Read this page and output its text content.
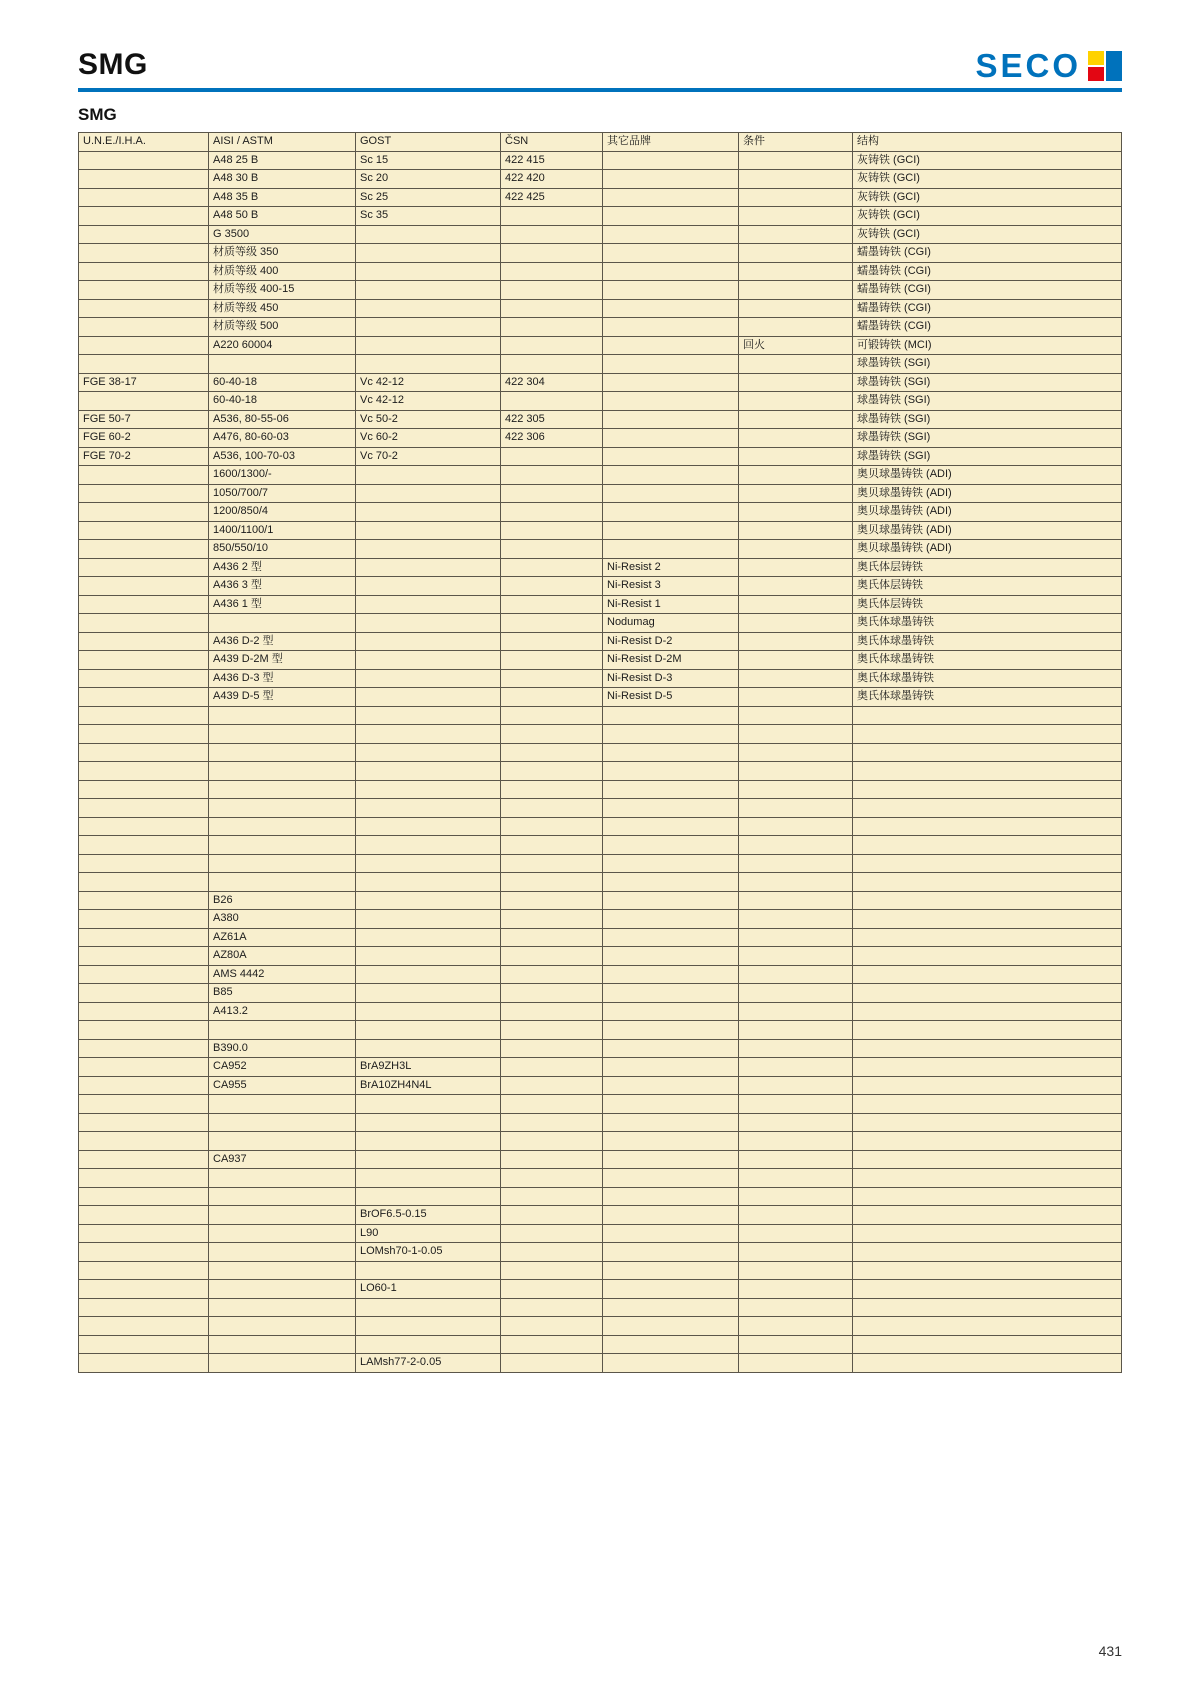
SMG	SECO
SMG
U.N.E./I.H.A.	AISI / ASTM	GOST	ČSN	其它品牌	条件	结构
	A48 25 B	Sc 15	422 415			灰铸铁 (GCI)
	A48 30 B	Sc 20	422 420			灰铸铁 (GCI)
	A48 35 B	Sc 25	422 425			灰铸铁 (GCI)
	A48 50 B	Sc 35				灰铸铁 (GCI)
	G 3500					灰铸铁 (GCI)
	材质等级 350					蠕墨铸铁 (CGI)
	材质等级 400					蠕墨铸铁 (CGI)
	材质等级 400-15					蠕墨铸铁 (CGI)
	材质等级 450					蠕墨铸铁 (CGI)
	材质等级 500					蠕墨铸铁 (CGI)
	A220 60004				回火	可锻铸铁 (MCI)
						球墨铸铁 (SGI)
FGE 38-17	60-40-18	Vc 42-12	422 304			球墨铸铁 (SGI)
	60-40-18	Vc 42-12				球墨铸铁 (SGI)
FGE 50-7	A536, 80-55-06	Vc 50-2	422 305			球墨铸铁 (SGI)
FGE 60-2	A476, 80-60-03	Vc 60-2	422 306			球墨铸铁 (SGI)
FGE 70-2	A536, 100-70-03	Vc 70-2				球墨铸铁 (SGI)
	1600/1300/-					奥贝球墨铸铁 (ADI)
	1050/700/7					奥贝球墨铸铁 (ADI)
	1200/850/4					奥贝球墨铸铁 (ADI)
	1400/1100/1					奥贝球墨铸铁 (ADI)
	850/550/10					奥贝球墨铸铁 (ADI)
	A436 2 型			Ni-Resist 2		奥氏体层铸铁
	A436 3 型			Ni-Resist 3		奥氏体层铸铁
	A436 1 型			Ni-Resist 1		奥氏体层铸铁
				Nodumag		奥氏体球墨铸铁
	A436 D-2 型			Ni-Resist D-2		奥氏体球墨铸铁
	A439 D-2M 型			Ni-Resist D-2M		奥氏体球墨铸铁
	A436 D-3 型			Ni-Resist D-3		奥氏体球墨铸铁
	A439 D-5 型			Ni-Resist D-5		奥氏体球墨铸铁

	B26					
	A380					
	AZ61A					
	AZ80A					
	AMS 4442					
	B85					
	A413.2					

	B390.0					
	CA952	BrA9ZH3L				
	CA955	BrA10ZH4N4L				

	CA937					

		BrOF6.5-0.15				
		L90				
		LOMsh70-1-0.05				

		LO60-1				

		LAMsh77-2-0.05				
431
